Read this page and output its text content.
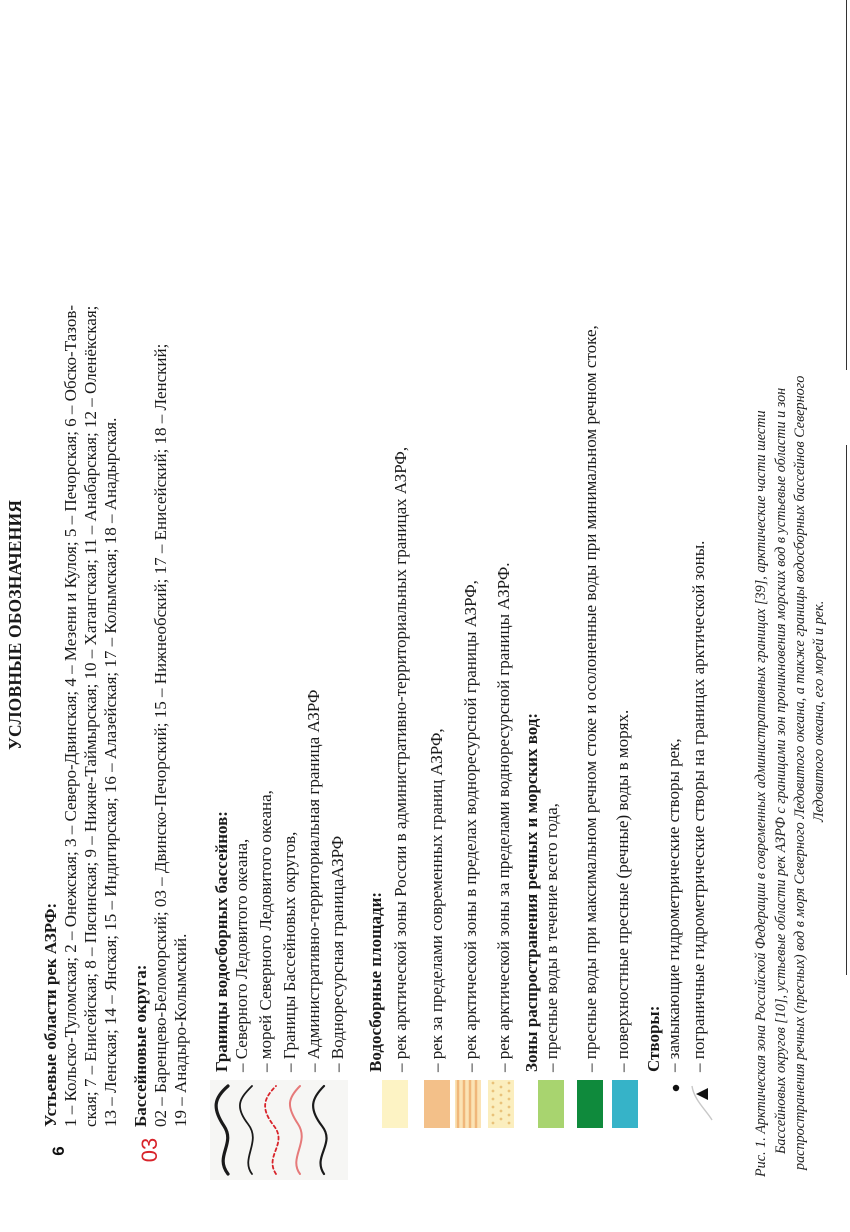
УСЛОВНЫЕ ОБОЗНАЧЕНИЯ
6
Устьевые области рек АЗРФ: 1 – Кольско-Туломская; 2 – Онежская; 3 – Северо-Двинская; 4 – Мезени и Кулоя; 5 – Печорская; 6 – Обско-Тазов- ская; 7 – Енисейская; 8 – Пясинская; 9 – Нижне-Таймырская; 10 – Хатангская; 11 – Анабарская; 12 – Оленёкская; 13 – Ленская; 14 – Янская; 15 – Индигирская; 16 – Алазейская; 17 – Колымская; 18 – Анадырская.
03
Бассейновые округа: 02 – Баренцево-Беломорский; 03 – Двинско-Печорский; 15 – Нижнеобский; 17 – Енисейский; 18 – Ленский; 19 – Анадыро-Колымский. Границы водосборных бассейнов: – Северного Ледовитого океана, – морей Северного Ледовитого океана, – Границы Бассейновых округов, – Административно-территориальная граница АЗРФ – Водноресурсная границаАЗРФ Водосборные площади: – рек арктической зоны России в административно-территориальных границах АЗРФ, – рек за пределами современных границ АЗРФ, – рек арктической зоны в пределах водноресурсной границы АЗРФ, – рек арктической зоны за пределами водноресурсной границы АЗРФ. Зоны распространения речных и морских вод: – пресные воды в течение всего года, – пресные воды при максимальном речном стоке и осолоненные воды при минимальном речном стоке, – поверхностные пресные (речные) воды в морях. Створы: – замыкающие гидрометрические створы рек, – пограничные гидрометрические створы на границах арктической зоны.	Рис. 1. Арктическая зона Российской Федерации в современных административных границах [39], арктические части шести Бассейновых округов [10], устьевые области рек АЗРФ с границами зон проникновения морских вод в устьевые области и зон распространения речных (пресных) вод в моря Северного Ледовитого океана, а также границы водосборных бассейнов Северного Ледовитого океана, его морей и рек.
